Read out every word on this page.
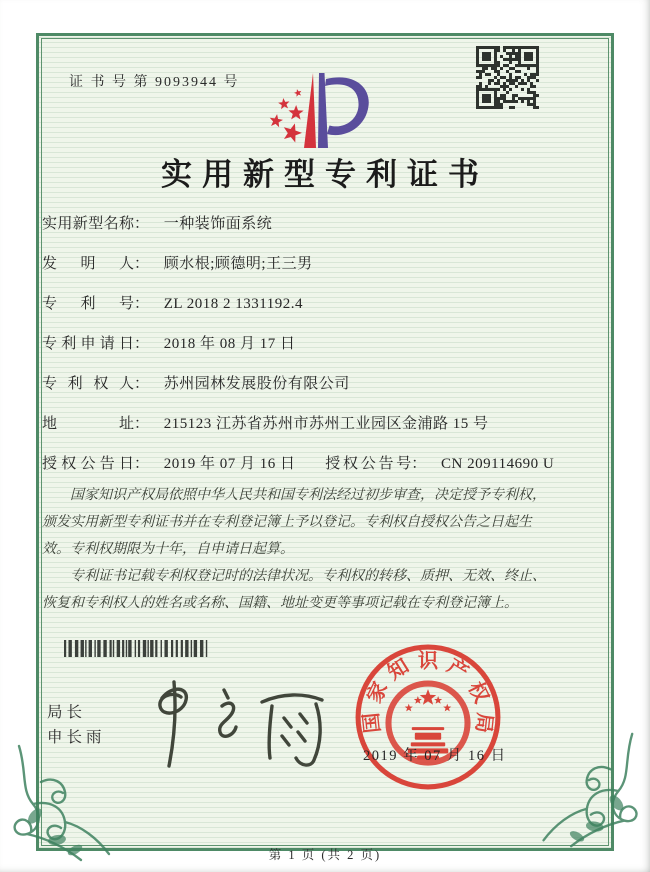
证 书 号 第 9093944 号
实用新型专利证书
实用新型名称： 一种装饰面系统
发明人： 顾水根;顾德明;王三男
专利号： ZL 2018 2 1331192.4
专利申请日： 2018 年 08 月 17 日
专利权人： 苏州园林发展股份有限公司
地址： 215123 江苏省苏州市苏州工业园区金浦路 15 号
授权公告日： 2019 年 07 月 16 日 授权公告号： CN 209114690 U

国家知识产权局依照中华人民共和国专利法经过初步审查，决定授予专利权，颁发实用新型专利证书并在专利登记簿上予以登记。专利权自授权公告之日起生效。专利权期限为十年，自申请日起算。

专利证书记载专利权登记时的法律状况。专利权的转移、质押、无效、终止、恢复和专利权人的姓名或名称、国籍、地址变更等事项记载在专利登记簿上。

局长
申长雨
国
家
知 识 产
权
局
2019 年 07 月 16 日
第 1 页 (共 2 页)
